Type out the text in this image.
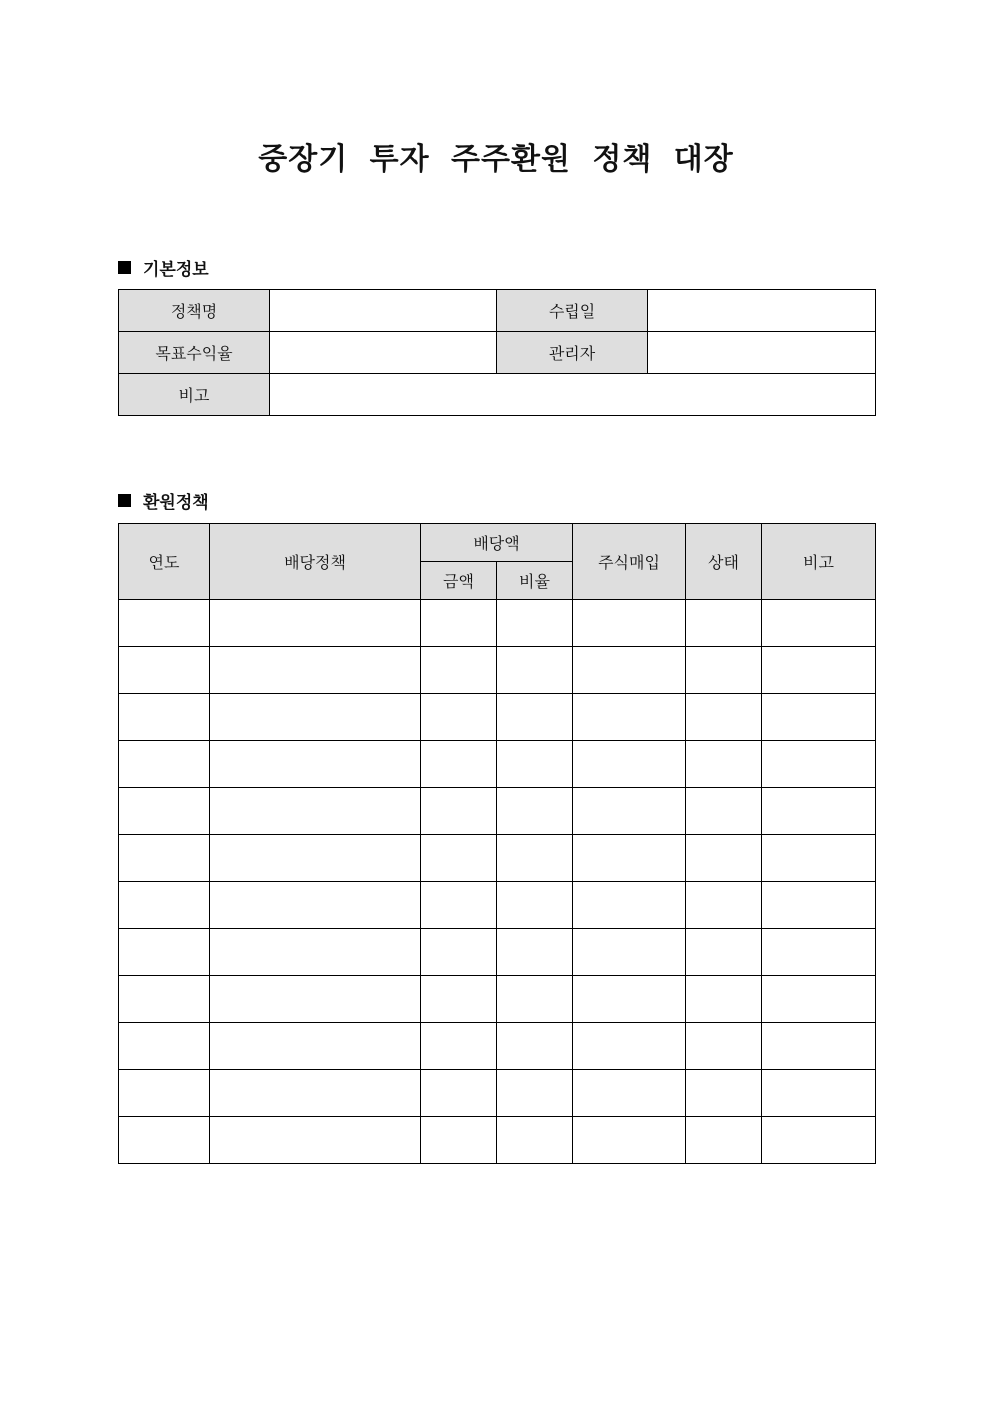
중장기 투자 주주환원 정책 대장
기본정보
정책명		수립일	
목표수익율		관리자	
비고			
환원정책
연도	배당정책	배당액		주식매입	상태	비고
		금액	비율			
